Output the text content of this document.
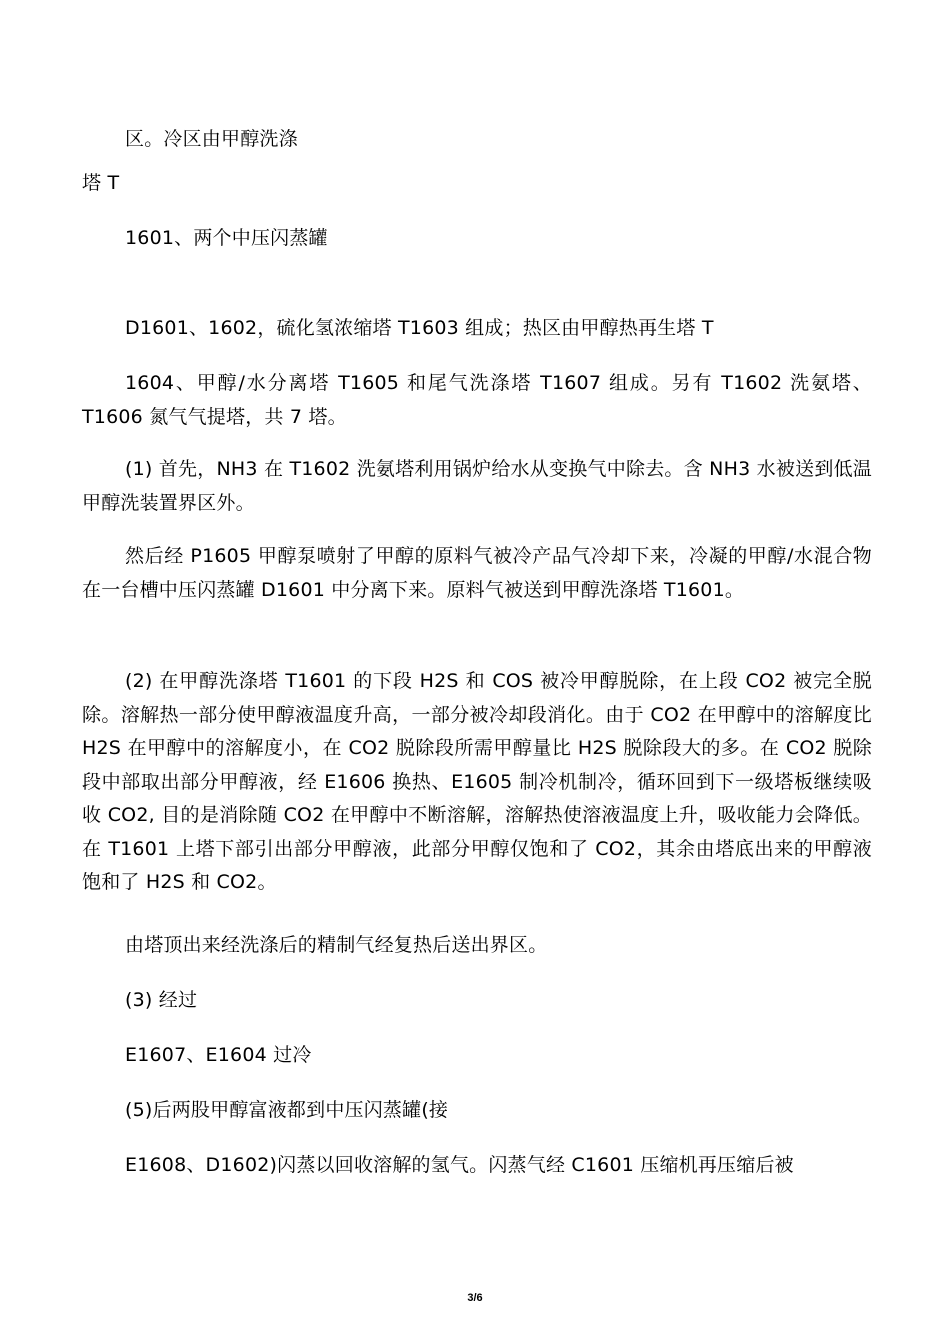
区。冷区由甲醇洗涤
塔 T
1601、两个中压闪蒸罐
D1601、1602，硫化氢浓缩塔 T1603 组成；热区由甲醇热再生塔 T
1604、甲醇/水分离塔 T1605 和尾气洗涤塔 T1607 组成。另有 T1602 洗氨塔、T1606 氮气气提塔，共 7 塔。
(1) 首先，NH3 在 T1602 洗氨塔利用锅炉给水从变换气中除去。含 NH3 水被送到低温甲醇洗装置界区外。
然后经 P1605 甲醇泵喷射了甲醇的原料气被冷产品气冷却下来，冷凝的甲醇/水混合物在一台槽中压闪蒸罐 D1601 中分离下来。原料气被送到甲醇洗涤塔 T1601。
(2) 在甲醇洗涤塔 T1601 的下段 H2S 和 COS 被冷甲醇脱除，在上段 CO2 被完全脱除。溶解热一部分使甲醇液温度升高，一部分被冷却段消化。由于 CO2 在甲醇中的溶解度比 H2S 在甲醇中的溶解度小，在 CO2 脱除段所需甲醇量比 H2S 脱除段大的多。在 CO2 脱除段中部取出部分甲醇液，经 E1606 换热、E1605 制冷机制冷，循环回到下一级塔板继续吸收 CO2, 目的是消除随 CO2 在甲醇中不断溶解，溶解热使溶液温度上升，吸收能力会降低。在 T1601 上塔下部引出部分甲醇液，此部分甲醇仅饱和了 CO2，其余由塔底出来的甲醇液饱和了 H2S 和 CO2。
由塔顶出来经洗涤后的精制气经复热后送出界区。
(3) 经过
E1607、E1604 过冷
(5)后两股甲醇富液都到中压闪蒸罐(接
E1608、D1602)闪蒸以回收溶解的氢气。闪蒸气经 C1601 压缩机再压缩后被
3/6
